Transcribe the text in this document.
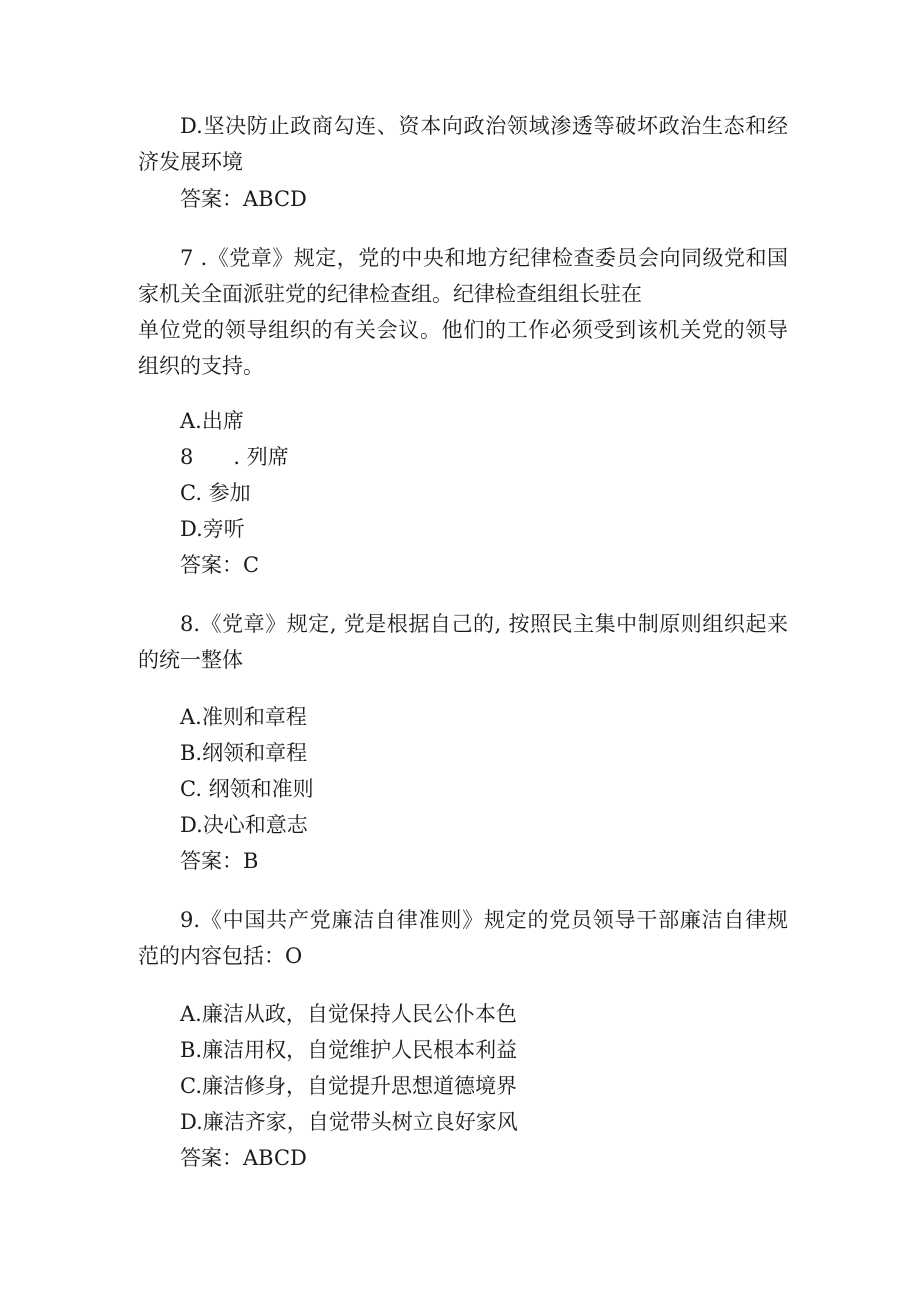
D.坚决防止政商勾连、资本向政治领域渗透等破坏政治生态和经
济发展环境
答案：ABCD
7 .《党章》规定，党的中央和地方纪律检查委员会向同级党和国
家机关全面派驻党的纪律检查组。纪律检查组组长驻在
单位党的领导组织的有关会议。他们的工作必须受到该机关党的领导
组织的支持。
A.出席
8 . 列席
C. 参加
D.旁听
答案：C
8.《党章》规定, 党是根据自己的, 按照民主集中制原则组织起来
的统一整体
A.准则和章程
B.纲领和章程
C. 纲领和准则
D.决心和意志
答案：B
9.《中国共产党廉洁自律准则》规定的党员领导干部廉洁自律规
范的内容包括：O
A.廉洁从政，自觉保持人民公仆本色
B.廉洁用权，自觉维护人民根本利益
C.廉洁修身，自觉提升思想道德境界
D.廉洁齐家，自觉带头树立良好家风
答案：ABCD
